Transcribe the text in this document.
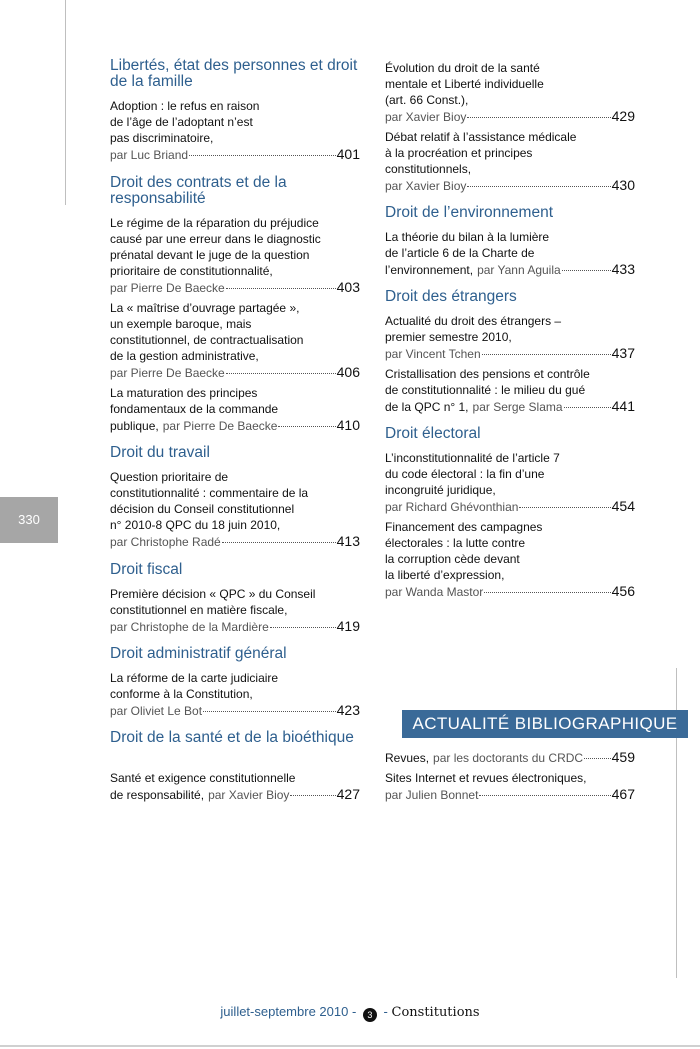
330
Libertés, état des personnes et droit de la famille
Adoption : le refus en raison
de l’âge de l’adoptant n’est
pas discriminatoire,
par Luc Briand	401
Droit des contrats et de la responsabilité
Le régime de la réparation du préjudice
causé par une erreur dans le diagnostic
prénatal devant le juge de la question
prioritaire de constitutionnalité,
par Pierre De Baecke	403
La « maîtrise d’ouvrage partagée »,
un exemple baroque, mais
constitutionnel, de contractualisation
de la gestion administrative,
par Pierre De Baecke	406
La maturation des principes
fondamentaux de la commande
publique, par Pierre De Baecke	410
Droit du travail
Question prioritaire de
constitutionnalité : commentaire de la
décision du Conseil constitutionnel
n° 2010-8 QPC du 18 juin 2010,
par Christophe Radé	413
Droit fiscal
Première décision « QPC » du Conseil
constitutionnel en matière fiscale,
par Christophe de la Mardière	419
Droit administratif général
La réforme de la carte judiciaire
conforme à la Constitution,
par Oliviet Le Bot	423
Droit de la santé et de la bioéthique
Santé et exigence constitutionnelle
de responsabilité, par Xavier Bioy	427
Évolution du droit de la santé
mentale et Liberté individuelle
(art. 66 Const.),
par Xavier Bioy	429
Débat relatif à l’assistance médicale
à la procréation et principes
constitutionnels,
par Xavier Bioy	430
Droit de l’environnement
La théorie du bilan à la lumière
de l’article 6 de la Charte de
l’environnement, par Yann Aguila	433
Droit des étrangers
Actualité du droit des étrangers –
premier semestre 2010,
par Vincent Tchen	437
Cristallisation des pensions et contrôle
de constitutionnalité : le milieu du gué
de la QPC n° 1, par Serge Slama	441
Droit électoral
L’inconstitutionnalité de l’article 7
du code électoral : la fin d’une
incongruité juridique,
par Richard Ghévonthian	454
Financement des campagnes
électorales : la lutte contre
la corruption cède devant
la liberté d’expression,
par Wanda Mastor	456
Revues, par les doctorants du CRDC 459
Sites Internet et revues électroniques,
par Julien Bonnet	467
ACTUALITÉ BIBLIOGRAPHIQUE
juillet-septembre 2010 - 3 - Constitutions
